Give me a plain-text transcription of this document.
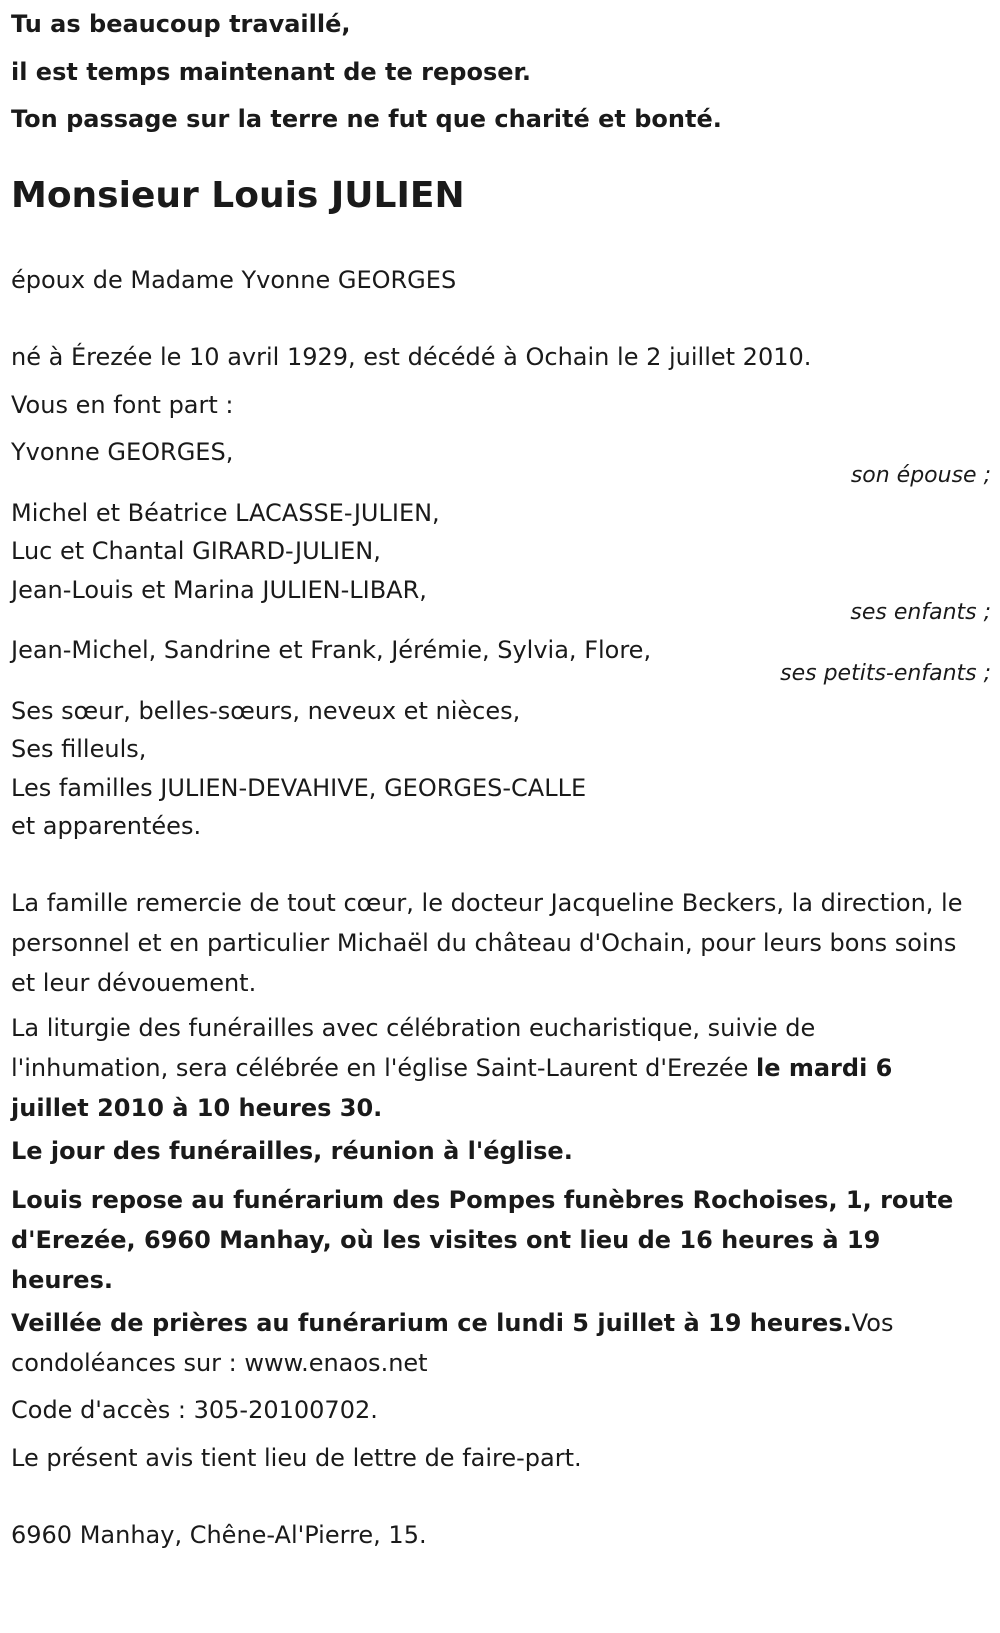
Tu as beaucoup travaillé,
il est temps maintenant de te reposer.
Ton passage sur la terre ne fut que charité et bonté.
Monsieur Louis JULIEN
époux de Madame Yvonne GEORGES
né à Érezée le 10 avril 1929, est décédé à Ochain le 2 juillet 2010.
Vous en font part :
Yvonne GEORGES,
son épouse ;
Michel et Béatrice LACASSE-JULIEN,
Luc et Chantal GIRARD-JULIEN,
Jean-Louis et Marina JULIEN-LIBAR,
ses enfants ;
Jean-Michel, Sandrine et Frank, Jérémie, Sylvia, Flore,
ses petits-enfants ;
Ses sœur, belles-sœurs, neveux et nièces,
Ses filleuls,
Les familles JULIEN-DEVAHIVE, GEORGES-CALLE
et apparentées.
La famille remercie de tout cœur, le docteur Jacqueline Beckers, la direction, le personnel et en particulier Michaël du château d'Ochain, pour leurs bons soins et leur dévouement.
La liturgie des funérailles avec célébration eucharistique, suivie de l'inhumation, sera célébrée en l'église Saint-Laurent d'Erezée le mardi 6 juillet 2010 à 10 heures 30.
Le jour des funérailles, réunion à l'église.
Louis repose au funérarium des Pompes funèbres Rochoises, 1, route d'Erezée, 6960 Manhay, où les visites ont lieu de 16 heures à 19 heures.
Veillée de prières au funérarium ce lundi 5 juillet à 19 heures.Vos condoléances sur : www.enaos.net
Code d'accès : 305-20100702.
Le présent avis tient lieu de lettre de faire-part.
6960 Manhay, Chêne-Al'Pierre, 15.
